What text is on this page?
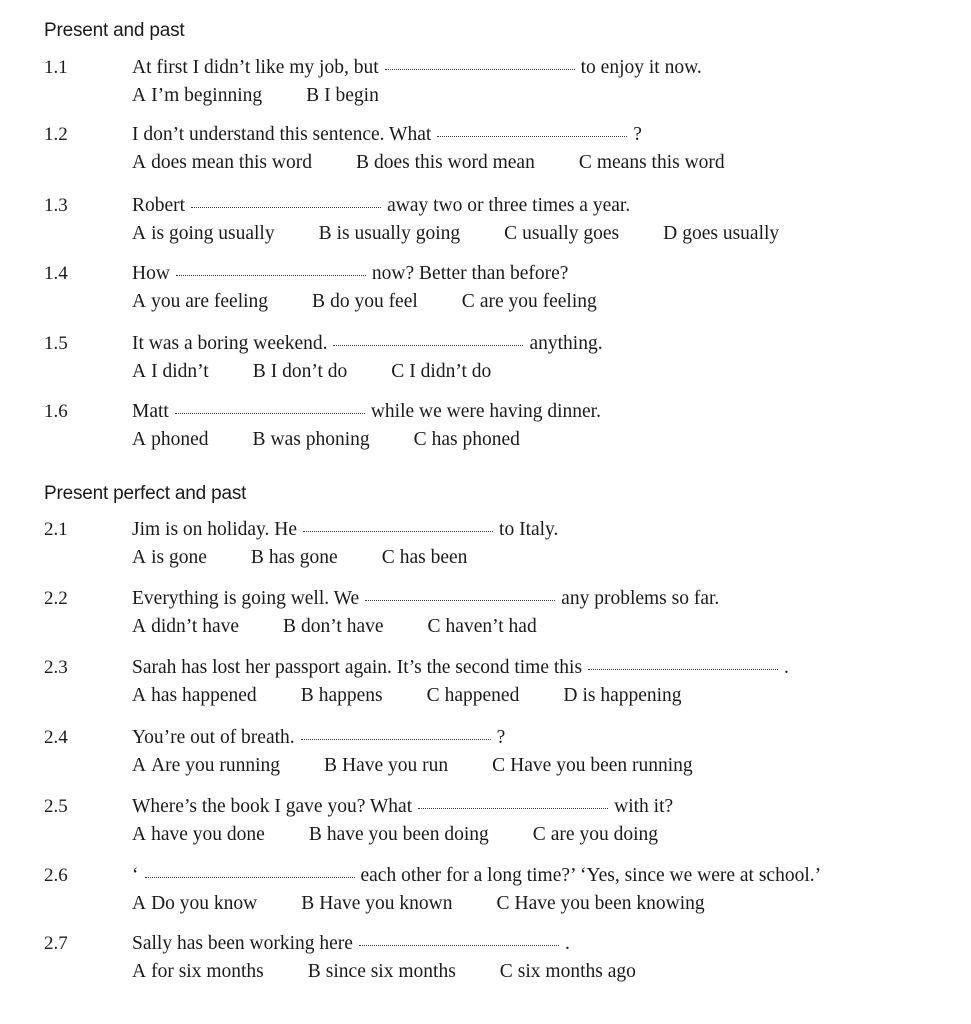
Present and past
1.1	At first I didn’t like my job, but	to enjoy it now.
A I’m beginning B I begin
1.2	I don’t understand this sentence. What	?
A does mean this word B does this word mean C means this word
1.3	Robert	away two or three times a year.
A is going usually B is usually going C usually goes D goes usually
1.4	How	now? Better than before?
A you are feeling B do you feel C are you feeling
1.5	It was a boring weekend.	anything.
A I didn’t B I don’t do C I didn’t do
1.6	Matt	while we were having dinner.
A phoned B was phoning C has phoned
Present perfect and past
2.1	Jim is on holiday. He	to Italy.
A is gone B has gone C has been
2.2	Everything is going well. We	any problems so far.
A didn’t have B don’t have C haven’t had
2.3	Sarah has lost her passport again. It’s the second time this	.
A has happened B happens C happened D is happening
2.4	You’re out of breath.	?
A Are you running B Have you run C Have you been running
2.5	Where’s the book I gave you? What	with it?
A have you done B have you been doing C are you doing
2.6	‘	each other for a long time?’ ‘Yes, since we were at school.’
A Do you know B Have you known C Have you been knowing
2.7	Sally has been working here	.
A for six months B since six months C six months ago
